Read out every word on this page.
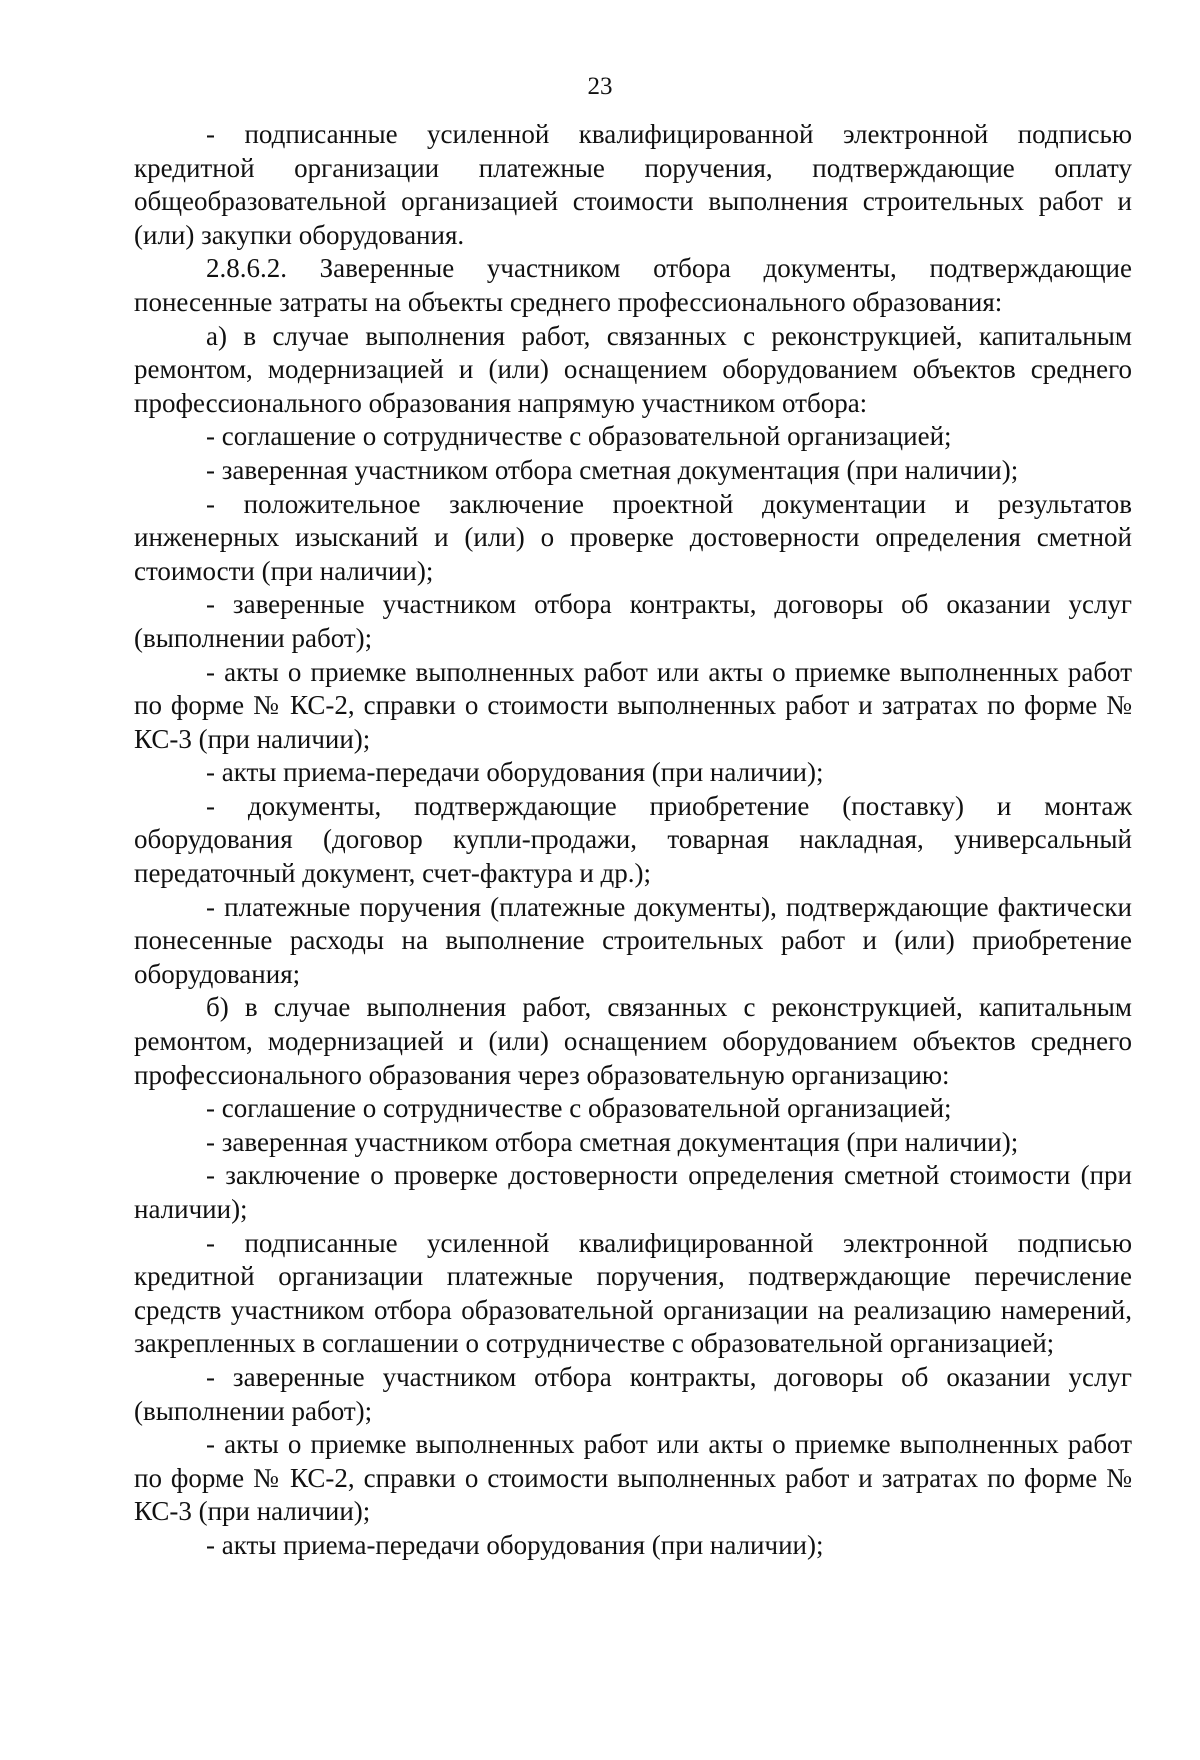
23

- подписанные усиленной квалифицированной электронной подписью кредитной организации платежные поручения, подтверждающие оплату общеобразовательной организацией стоимости выполнения строительных работ и (или) закупки оборудования.

2.8.6.2. Заверенные участником отбора документы, подтверждающие понесенные затраты на объекты среднего профессионального образования:

а) в случае выполнения работ, связанных с реконструкцией, капитальным ремонтом, модернизацией и (или) оснащением оборудованием объектов среднего профессионального образования напрямую участником отбора:

- соглашение о сотрудничестве с образовательной организацией;

- заверенная участником отбора сметная документация (при наличии);

- положительное заключение проектной документации и результатов инженерных изысканий и (или) о проверке достоверности определения сметной стоимости (при наличии);

- заверенные участником отбора контракты, договоры об оказании услуг (выполнении работ);

- акты о приемке выполненных работ или акты о приемке выполненных работ по форме № КС-2, справки о стоимости выполненных работ и затратах по форме № КС-3 (при наличии);

- акты приема-передачи оборудования (при наличии);

- документы, подтверждающие приобретение (поставку) и монтаж оборудования (договор купли-продажи, товарная накладная, универсальный передаточный документ, счет-фактура и др.);

- платежные поручения (платежные документы), подтверждающие фактически понесенные расходы на выполнение строительных работ и (или) приобретение оборудования;

б) в случае выполнения работ, связанных с реконструкцией, капитальным ремонтом, модернизацией и (или) оснащением оборудованием объектов среднего профессионального образования через образовательную организацию:

- соглашение о сотрудничестве с образовательной организацией;

- заверенная участником отбора сметная документация (при наличии);

- заключение о проверке достоверности определения сметной стоимости (при наличии);

- подписанные усиленной квалифицированной электронной подписью кредитной организации платежные поручения, подтверждающие перечисление средств участником отбора образовательной организации на реализацию намерений, закрепленных в соглашении о сотрудничестве с образовательной организацией;

- заверенные участником отбора контракты, договоры об оказании услуг (выполнении работ);

- акты о приемке выполненных работ или акты о приемке выполненных работ по форме № КС-2, справки о стоимости выполненных работ и затратах по форме № КС-3 (при наличии);

- акты приема-передачи оборудования (при наличии);
